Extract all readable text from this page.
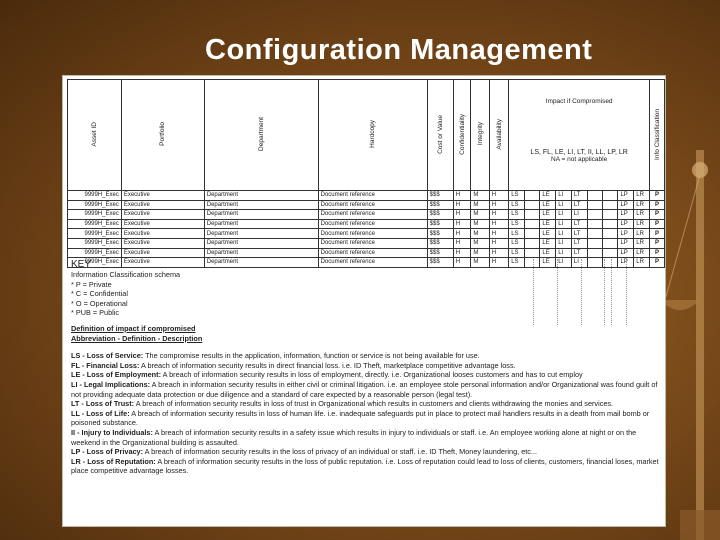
Configuration Management
Asset ID	Portfolio	Department	Hardcopy	Cost or Value	Confidentiality	Integrity	Availability	
Impact if Compromised
LS, FL, LE, LI, LT, II, LL, LP, LR
NA = not applicable
	Info Classification
9999H_Exec	Executive	Department	Document reference	$$$	H	M	H	LS		LE	LI	LT			LP	LR	P
9999H_Exec	Executive	Department	Document reference	$$$	H	M	H	LS		LE	LI	LT			LP	LR	P
9999H_Exec	Executive	Department	Document reference	$$$	H	M	H	LS		LE	LI	LI			LP	LR	P
9999H_Exec	Executive	Department	Document reference	$$$	H	M	H	LS		LE	LI	LT			LP	LR	P
9999H_Exec	Executive	Department	Document reference	$$$	H	M	H	LS		LE	LI	LT			LP	LR	P
9999H_Exec	Executive	Department	Document reference	$$$	H	M	H	LS		LE	LI	LT			LP	LR	P
9999H_Exec	Executive	Department	Document reference	$$$	H	M	H	LS		LE	LI	LT			LP	LR	P
9999H_Exec	Executive	Department	Document reference	$$$	H	M	H	LS		LE	LI	LI			LP	LR	P
KEY
Information Classification schema
* P = Private
* C = Confidential
* O = Operational
* PUB = Public
Definition of impact if compromised
Abbreviation - Definition - Description
LS - Loss of Service: The compromise results in the application, information, function or service is not being available for use.
FL - Financial Loss: A breach of information security results in direct financial loss. i.e. ID Theft, marketplace competitive advantage loss.
LE - Loss of Employment: A breach of information security results in loss of employment, directly. i.e. Organizational looses customers and has to cut employ
LI - Legal Implications: A breach in information security results in either civil or criminal litigation. i.e. an employee stole personal information and/or Organizational was found guilt of not providing adequate data protection or due diligence and a standard of care expected by a reasonable person (legal test).
LT - Loss of Trust: A breach of information security results in loss of trust in Organizational which results in customers and clients withdrawing the monies and services.
LL - Loss of Life: A breach of information security results in loss of human life. i.e. inadequate safeguards put in place to protect mail handlers results in a death from mail bomb or poisoned substance.
II - Injury to Individuals: A breach of information security results in a safety issue which results in injury to individuals or staff. i.e. An employee working alone at night or on the weekend in the Organizational building is assaulted.
LP - Loss of Privacy: A breach of information security results in the loss of privacy of an individual or staff. i.e. ID Theft, Money laundering, etc...
LR - Loss of Reputation: A breach of information security results in the loss of public reputation. i.e. Loss of reputation could lead to loss of clients, customers, financial loses, market place competitive advantage losses.
